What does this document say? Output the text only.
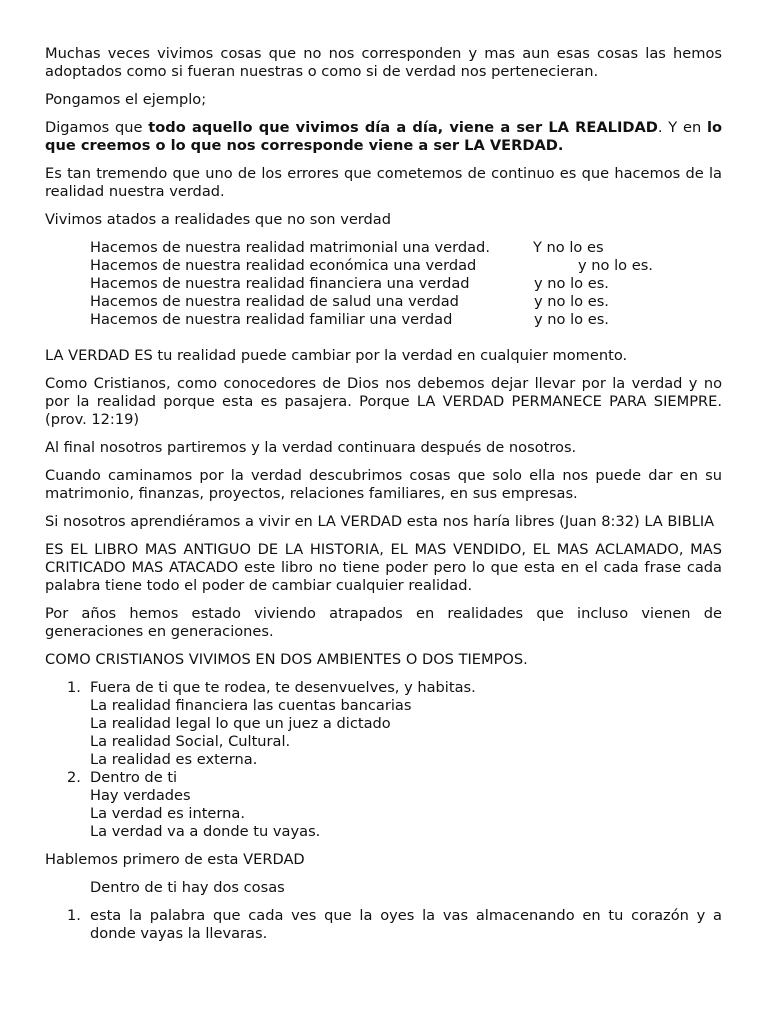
Muchas veces vivimos cosas que no nos corresponden y mas aun esas cosas las hemos adoptados como si fueran nuestras o como si de verdad nos pertenecieran.

Pongamos el ejemplo;

Digamos que todo aquello que vivimos día a día, viene a ser LA REALIDAD. Y en lo que creemos o lo que nos corresponde viene a ser LA VERDAD.

Es tan tremendo que uno de los errores que cometemos de continuo es que hacemos de la realidad nuestra verdad.

Vivimos atados a realidades que no son verdad

Hacemos de nuestra realidad matrimonial una verdad.	Y no lo es
Hacemos de nuestra realidad económica una verdad	y no lo es.
Hacemos de nuestra realidad financiera una verdad	y no lo es.
Hacemos de nuestra realidad de salud una verdad	y no lo es.
Hacemos de nuestra realidad familiar una verdad	y no lo es.

LA VERDAD ES tu realidad puede cambiar por la verdad en cualquier momento.

Como Cristianos, como conocedores de Dios nos debemos dejar llevar por la verdad y no por la realidad porque esta es pasajera. Porque LA VERDAD PERMANECE PARA SIEMPRE. (prov. 12:19)

Al final nosotros partiremos y la verdad continuara después de nosotros.

Cuando caminamos por la verdad descubrimos cosas que solo ella nos puede dar en su matrimonio, finanzas, proyectos, relaciones familiares, en sus empresas.

Si nosotros aprendiéramos a vivir en LA VERDAD esta nos haría libres (Juan 8:32) LA BIBLIA

ES EL LIBRO MAS ANTIGUO DE LA HISTORIA, EL MAS VENDIDO, EL MAS ACLAMADO, MAS CRITICADO MAS ATACADO este libro no tiene poder pero lo que esta en el cada frase cada palabra tiene todo el poder de cambiar cualquier realidad.

Por años hemos estado viviendo atrapados en realidades que incluso vienen de generaciones en generaciones.

COMO CRISTIANOS VIVIMOS EN DOS AMBIENTES O DOS TIEMPOS.

1. Fuera de ti que te rodea, te desenvuelves, y habitas.
La realidad financiera las cuentas bancarias
La realidad legal lo que un juez a dictado
La realidad Social, Cultural.
La realidad es externa.
2. Dentro de ti
Hay verdades
La verdad es interna.
La verdad va a donde tu vayas.

Hablemos primero de esta VERDAD

Dentro de ti hay dos cosas

1. esta la palabra que cada ves que la oyes la vas almacenando en tu corazón y a donde vayas la llevaras.
